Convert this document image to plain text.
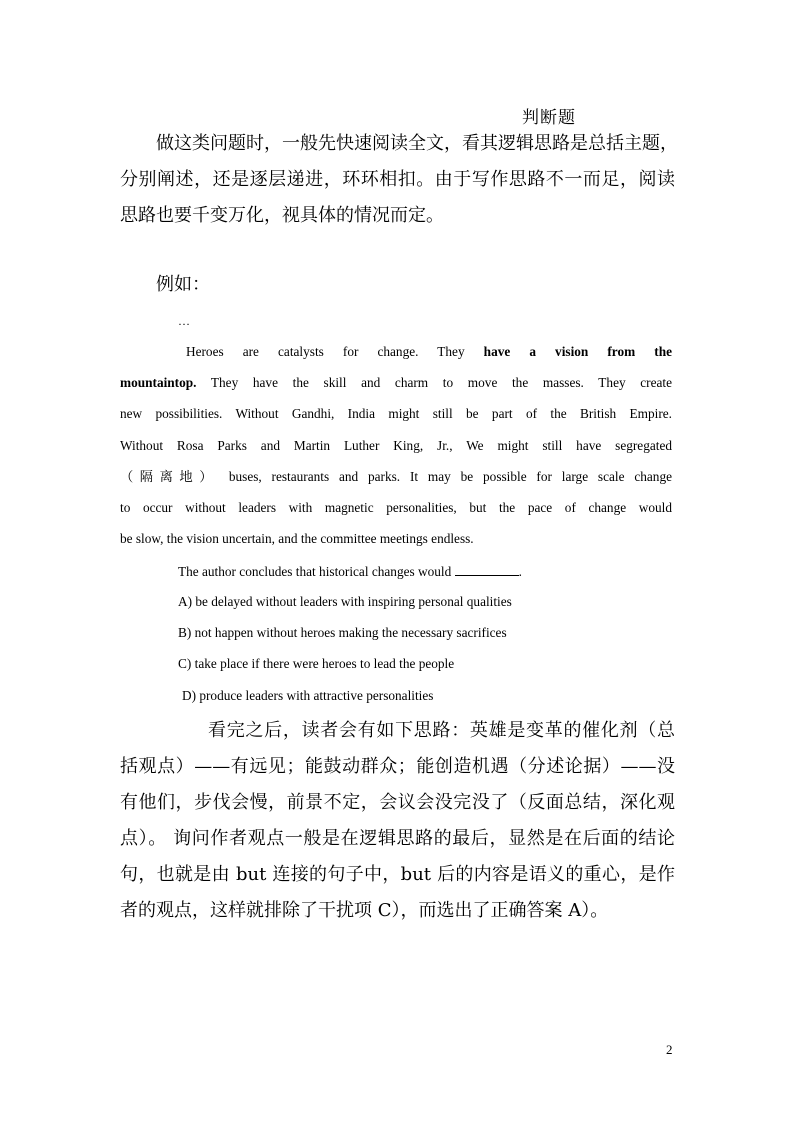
判断题
做这类问题时，一般先快速阅读全文，看其逻辑思路是总括主题，
分别阐述，还是逐层递进，环环相扣。由于写作思路不一而足，阅读
思路也要千变万化，视具体的情况而定。
例如：
…
Heroes are catalysts for change. They have a vision from the
mountaintop. They have the skill and charm to move the masses. They create
new possibilities. Without Gandhi, India might still be part of the British Empire.
Without Rosa Parks and Martin Luther King, Jr., We might still have segregated
（隔离地） buses, restaurants and parks. It may be possible for large scale change
to occur without leaders with magnetic personalities, but the pace of change would
be slow, the vision uncertain, and the committee meetings endless.
The author concludes that historical changes would	.
A) be delayed without leaders with inspiring personal qualities
B) not happen without heroes making the necessary sacrifices
C) take place if there were heroes to lead the people
D) produce leaders with attractive personalities
看完之后，读者会有如下思路：英雄是变革的催化剂（总
括观点）——有远见；能鼓动群众；能创造机遇（分述论据）——没
有他们，步伐会慢，前景不定，会议会没完没了（反面总结，深化观
点）。 询问作者观点一般是在逻辑思路的最后，显然是在后面的结论
句，也就是由 but 连接的句子中，but 后的内容是语义的重心，是作
者的观点，这样就排除了干扰项 C），而选出了正确答案 A）。
2
